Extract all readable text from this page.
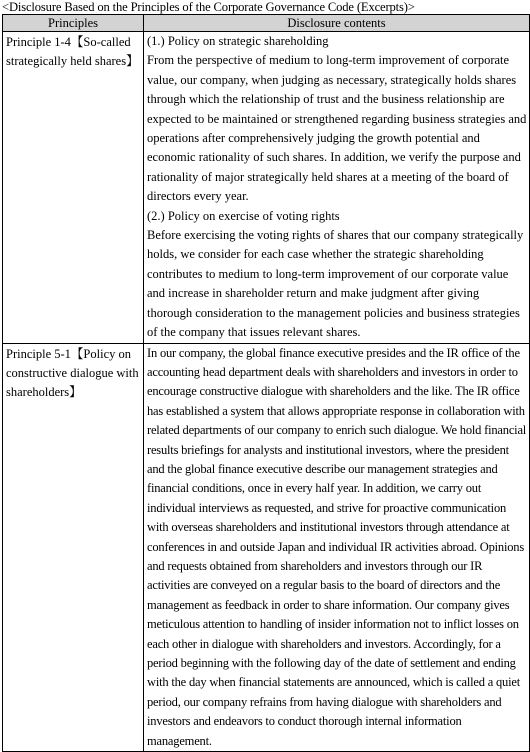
<Disclosure Based on the Principles of the Corporate Governance Code (Excerpts)>
Principles	Disclosure contents
Principle 1-4【So-called strategically held shares】	(1.) Policy on strategic shareholding
From the perspective of medium to long-term improvement of corporate value, our company, when judging as necessary, strategically holds shares through which the relationship of trust and the business relationship are expected to be maintained or strengthened regarding business strategies and operations after comprehensively judging the growth potential and economic rationality of such shares. In addition, we verify the purpose and rationality of major strategically held shares at a meeting of the board of directors every year.
(2.) Policy on exercise of voting rights
Before exercising the voting rights of shares that our company strategically holds, we consider for each case whether the strategic shareholding contributes to medium to long-term improvement of our corporate value and increase in shareholder return and make judgment after giving thorough consideration to the management policies and business strategies of the company that issues relevant shares.

Principle 5-1【Policy on constructive dialogue with shareholders】	In our company, the global finance executive presides and the IR office of the accounting head department deals with shareholders and investors in order to encourage constructive dialogue with shareholders and the like. The IR office has established a system that allows appropriate response in collaboration with related departments of our company to enrich such dialogue. We hold financial results briefings for analysts and institutional investors, where the president and the global finance executive describe our management strategies and financial conditions, once in every half year. In addition, we carry out individual interviews as requested, and strive for proactive communication with overseas shareholders and institutional investors through attendance at conferences in and outside Japan and individual IR activities abroad. Opinions and requests obtained from shareholders and investors through our IR activities are conveyed on a regular basis to the board of directors and the management as feedback in order to share information. Our company gives meticulous attention to handling of insider information not to inflict losses on each other in dialogue with shareholders and investors. Accordingly, for a period beginning with the following day of the date of settlement and ending with the day when financial statements are announced, which is called a quiet period, our company refrains from having dialogue with shareholders and investors and endeavors to conduct thorough internal information management.
